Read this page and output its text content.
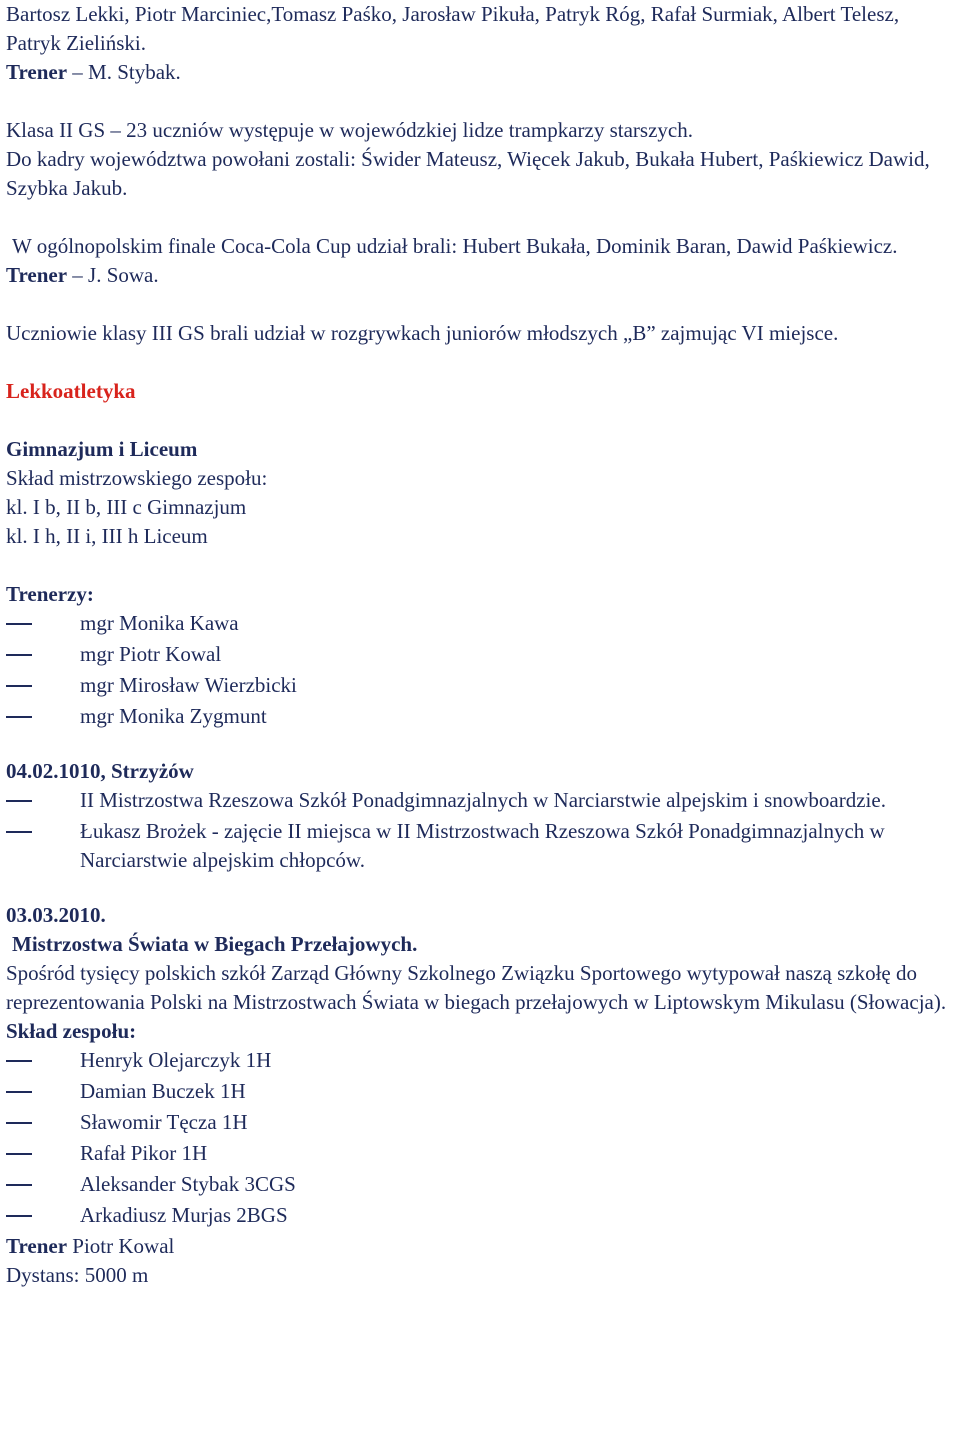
Bartosz Lekki, Piotr Marciniec,Tomasz Paśko, Jarosław Pikuła, Patryk Róg, Rafał Surmiak, Albert Telesz, Patryk Zieliński.

Trener – M. Stybak.

Klasa II GS – 23 uczniów występuje w wojewódzkiej lidze trampkarzy starszych.

Do kadry województwa powołani zostali: Świder Mateusz, Więcek Jakub, Bukała Hubert, Paśkiewicz Dawid, Szybka Jakub.

W ogólnopolskim finale Coca-Cola Cup udział brali: Hubert Bukała, Dominik Baran, Dawid Paśkiewicz.

Trener – J. Sowa.

Uczniowie klasy III GS brali udział w rozgrywkach juniorów młodszych „B” zajmując VI miejsce.

Lekkoatletyka

Gimnazjum i Liceum

Skład mistrzowskiego zespołu:

kl. I b, II b, III c Gimnazjum

kl. I h, II i, III h Liceum

Trenerzy:

mgr Monika Kawa
mgr Piotr Kowal
mgr Mirosław Wierzbicki
mgr Monika Zygmunt

04.02.1010, Strzyżów

II Mistrzostwa Rzeszowa Szkół Ponadgimnazjalnych w Narciarstwie alpejskim i snowboardzie.
Łukasz Brożek - zajęcie II miejsca w II Mistrzostwach Rzeszowa Szkół Ponadgimnazjalnych w Narciarstwie alpejskim chłopców.

03.03.2010.

Mistrzostwa Świata w Biegach Przełajowych.

Spośród tysięcy polskich szkół Zarząd Główny Szkolnego Związku Sportowego wytypował naszą szkołę do reprezentowania Polski na Mistrzostwach Świata w biegach przełajowych w Liptowskym Mikulasu (Słowacja).

Skład zespołu:

Henryk Olejarczyk 1H
Damian Buczek 1H
Sławomir Tęcza 1H
Rafał Pikor 1H
Aleksander Stybak 3CGS
Arkadiusz Murjas 2BGS

Trener Piotr Kowal

Dystans: 5000 m
